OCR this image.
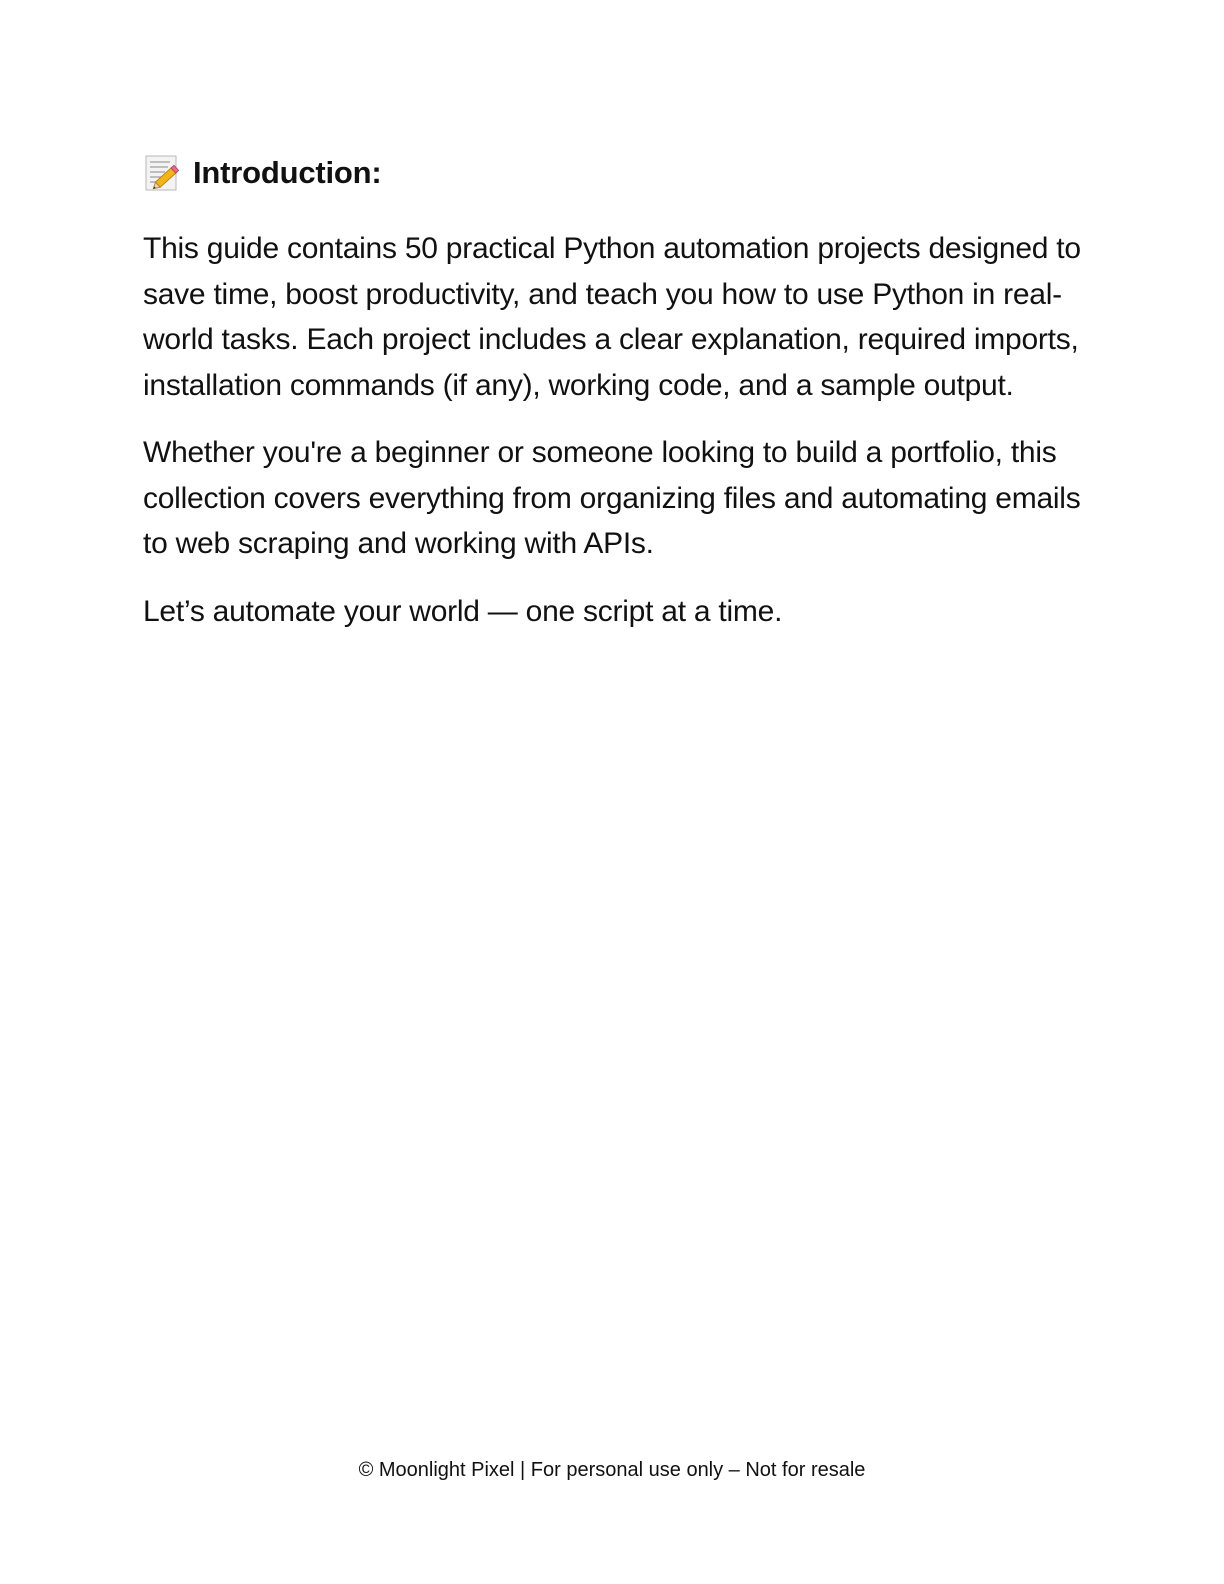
Introduction:

This guide contains 50 practical Python automation projects designed to save time, boost productivity, and teach you how to use Python in real-world tasks. Each project includes a clear explanation, required imports, installation commands (if any), working code, and a sample output.

Whether you're a beginner or someone looking to build a portfolio, this collection covers everything from organizing files and automating emails to web scraping and working with APIs.

Let’s automate your world — one script at a time.

© Moonlight Pixel | For personal use only – Not for resale
